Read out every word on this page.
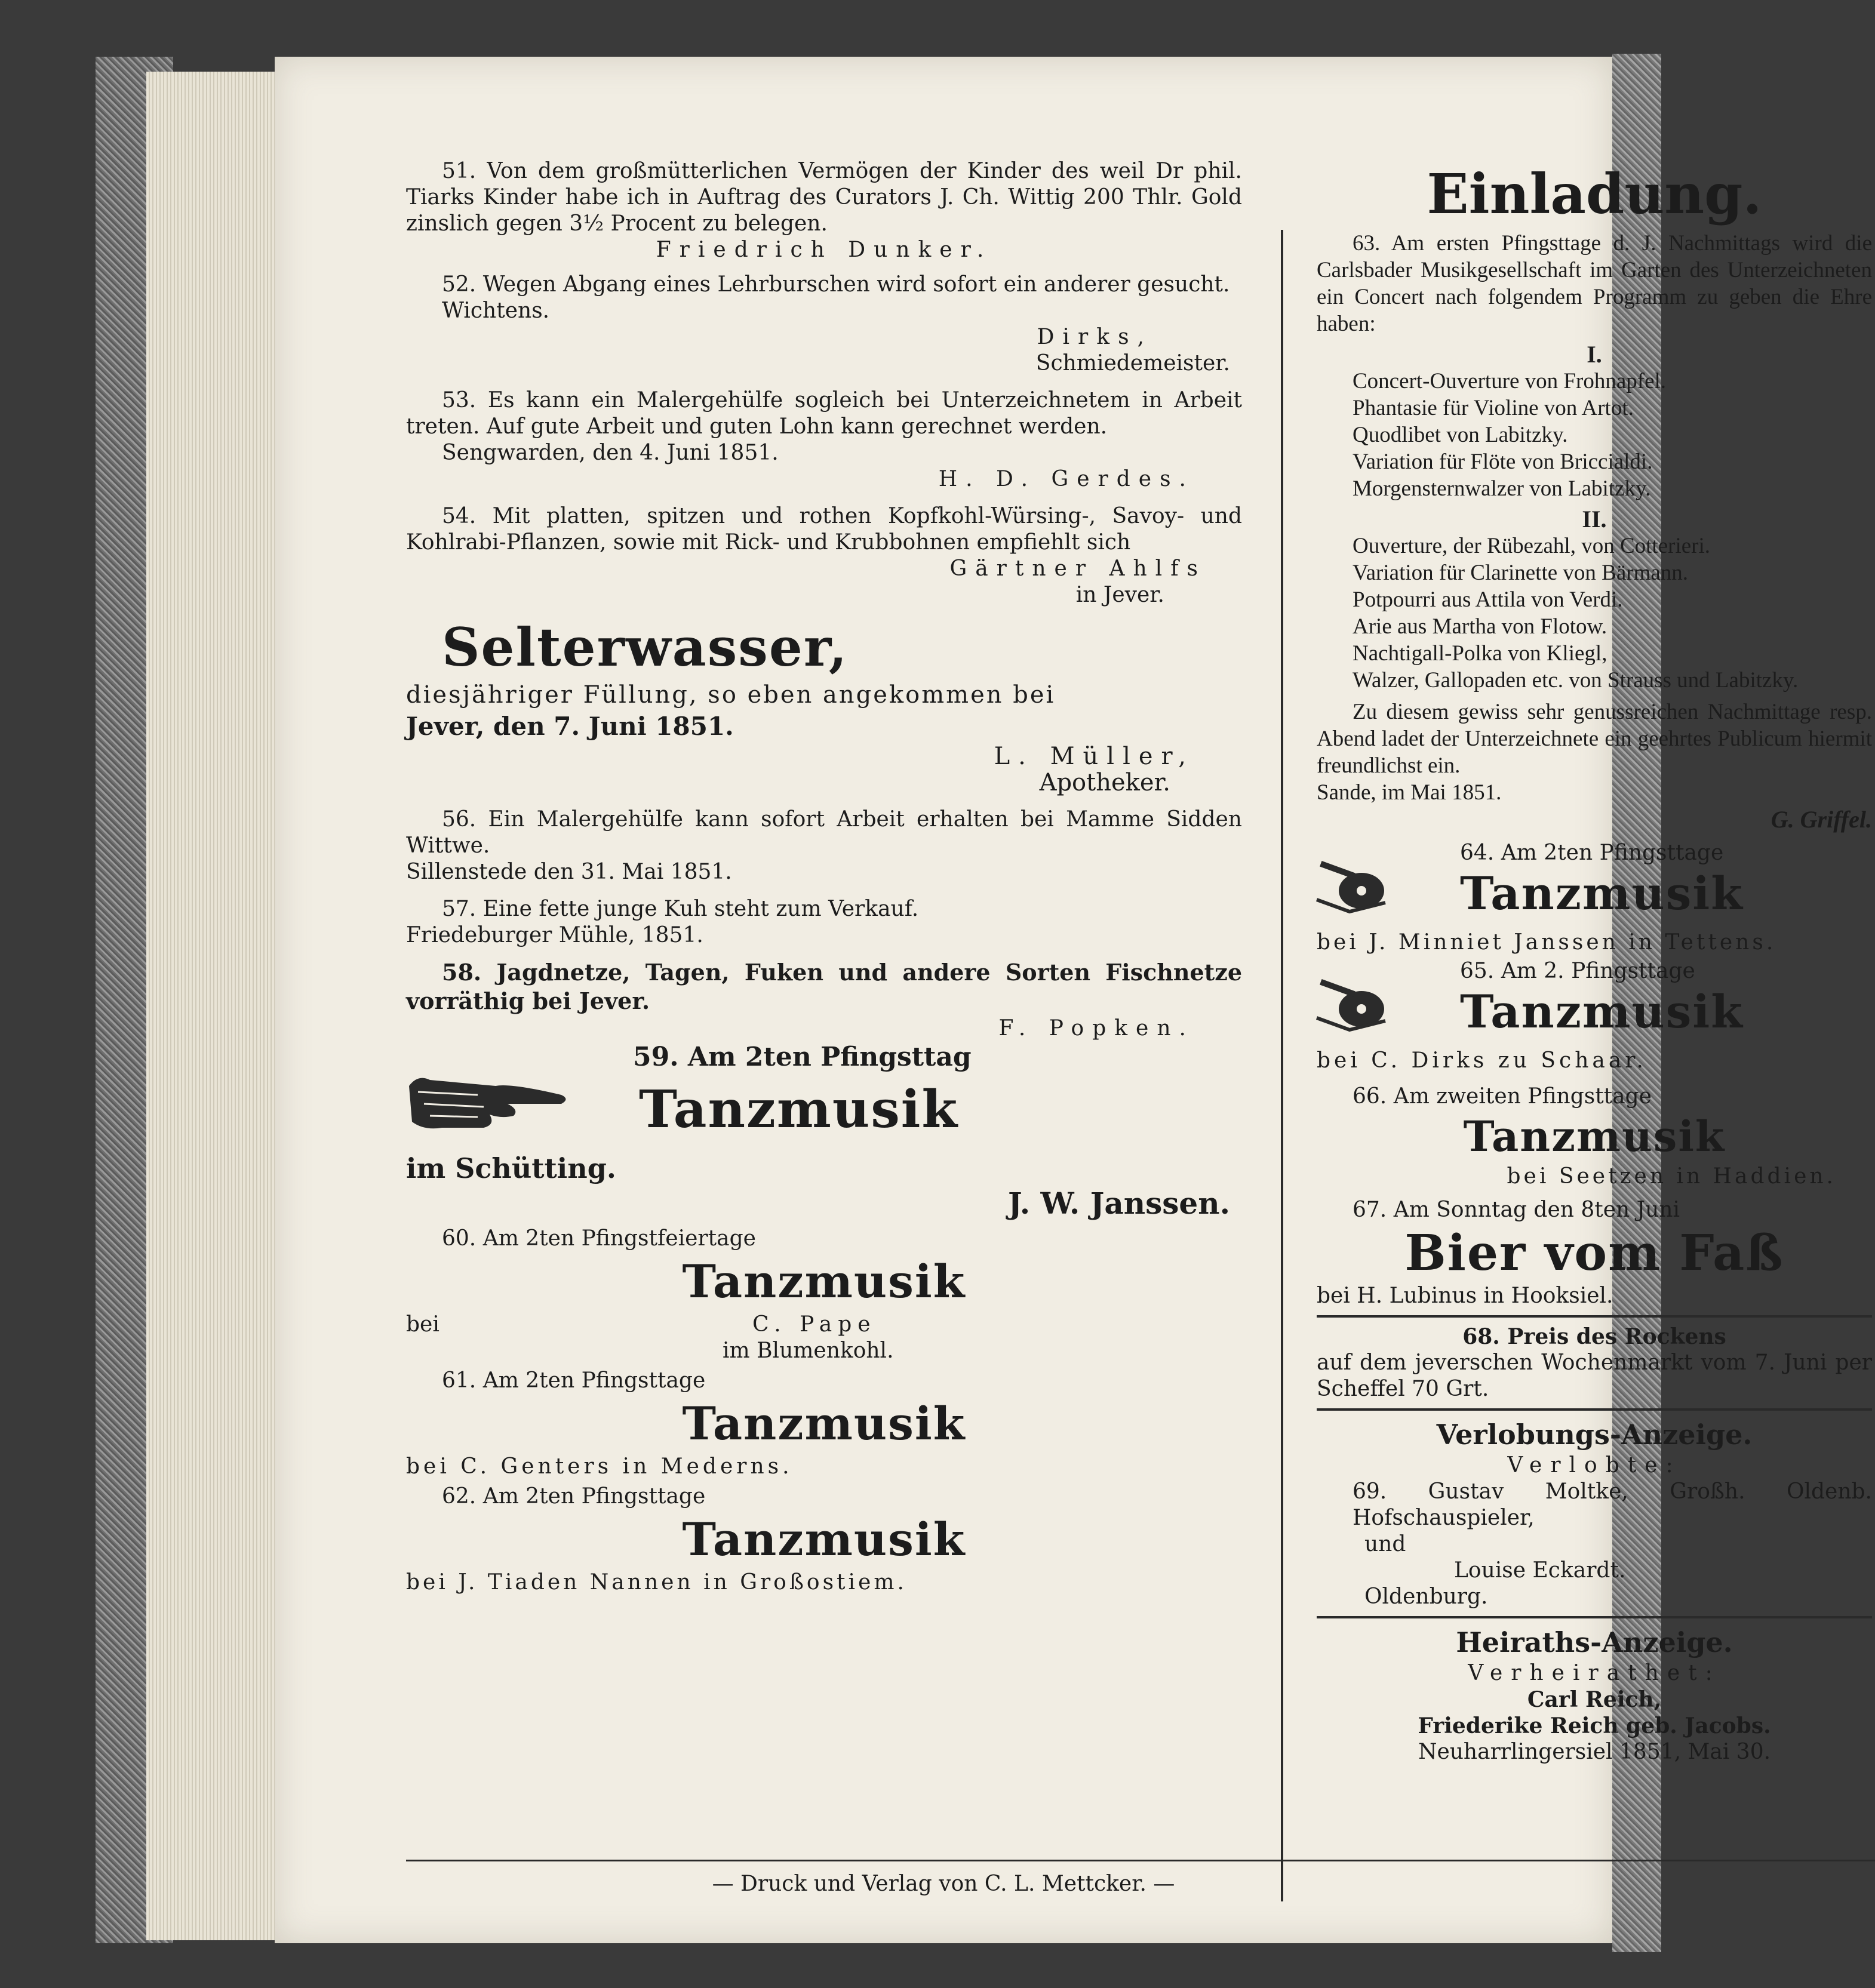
51. Von dem großmütterlichen Vermögen der Kinder des weil Dr phil. Tiarks Kinder habe ich in Auftrag des Curators J. Ch. Wittig 200 Thlr. Gold zinslich gegen 3½ Procent zu belegen.

Friedrich Dunker.

52. Wegen Abgang eines Lehrburschen wird sofort ein anderer gesucht.

Wichtens.

Dirks,

Schmiedemeister.

53. Es kann ein Malergehülfe sogleich bei Unterzeichnetem in Arbeit treten. Auf gute Arbeit und guten Lohn kann gerechnet werden.

Sengwarden, den 4. Juni 1851.

H. D. Gerdes.

54. Mit platten, spitzen und rothen Kopfkohl-Würsing-, Savoy- und Kohlrabi-Pflanzen, sowie mit Rick- und Krubbohnen empfiehlt sich

Gärtner Ahlfs

in Jever.

Selterwasser,

diesjähriger Füllung, so eben angekommen bei

Jever, den 7. Juni 1851.

L. Müller,

Apotheker.

56. Ein Malergehülfe kann sofort Arbeit erhalten bei Mamme Sidden Wittwe.

Sillenstede den 31. Mai 1851.

57. Eine fette junge Kuh steht zum Verkauf.

Friedeburger Mühle, 1851.

58. Jagdnetze, Tagen, Fuken und andere Sorten Fischnetze vorräthig bei Jever.

F. Popken.

59. Am 2ten Pfingsttag

Tanzmusik

im Schütting.

J. W. Janssen.

60. Am 2ten Pfingstfeiertage

Tanzmusik

bei	C. Pape
im Blumenkohl.

61. Am 2ten Pfingsttage

Tanzmusik

bei C. Genters in Mederns.

62. Am 2ten Pfingsttage

Tanzmusik

bei J. Tiaden Nannen in Großostiem.

Einladung.

63. Am ersten Pfingsttage d. J. Nachmittags wird die Carlsbader Musikgesellschaft im Garten des Unterzeichneten ein Concert nach folgendem Programm zu geben die Ehre haben:

I.

Concert-Ouverture von Frohnapfel.

Phantasie für Violine von Artot.

Quodlibet von Labitzky.

Variation für Flöte von Briccialdi.

Morgensternwalzer von Labitzky.

II.

Ouverture, der Rübezahl, von Cotterieri.

Variation für Clarinette von Bärmann.

Potpourri aus Attila von Verdi.

Arie aus Martha von Flotow.

Nachtigall-Polka von Kliegl,

Walzer, Gallopaden etc. von Strauss und Labitzky.

Zu diesem gewiss sehr genussreichen Nachmittage resp. Abend ladet der Unterzeichnete ein geehrtes Publicum hiermit freundlichst ein.

Sande, im Mai 1851.

G. Griffel.

64. Am 2ten Pfingsttage

Tanzmusik

bei J. Minniet Janssen in Tettens.

65. Am 2. Pfingsttage

Tanzmusik

bei C. Dirks zu Schaar.

66. Am zweiten Pfingsttage

Tanzmusik

bei Seetzen in Haddien.

67. Am Sonntag den 8ten Juni

Bier vom Faß

bei H. Lubinus in Hooksiel.

68. Preis des Rockens

auf dem jeverschen Wochenmarkt vom 7. Juni per Scheffel 70 Grt.

Verlobungs-Anzeige.

Verlobte:

69. Gustav Moltke, Großh. Oldenb. Hofschauspieler,

und

Louise Eckardt.

Oldenburg.

Heiraths-Anzeige.

Verheirathet:

Carl Reich,

Friederike Reich geb. Jacobs.

Neuharrlingersiel 1851, Mai 30.

— Druck und Verlag von C. L. Mettcker. —
